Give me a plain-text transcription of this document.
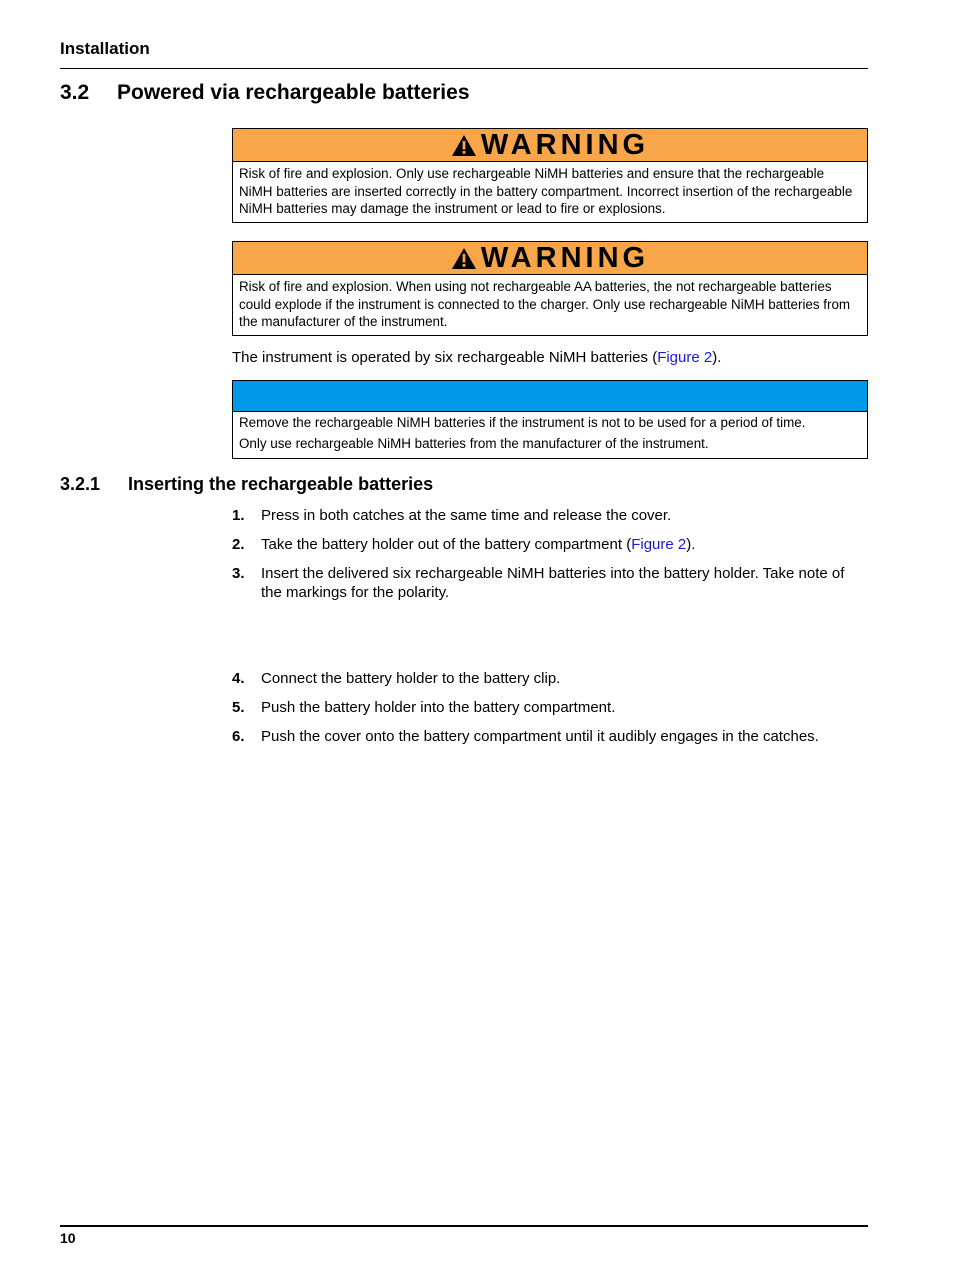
Installation
3.2 Powered via rechargeable batteries
WARNING
Risk of fire and explosion. Only use rechargeable NiMH batteries and ensure that the rechargeable NiMH batteries are inserted correctly in the battery compartment. Incorrect insertion of the rechargeable NiMH batteries may damage the instrument or lead to fire or explosions.
WARNING
Risk of fire and explosion. When using not rechargeable AA batteries, the not rechargeable batteries could explode if the instrument is connected to the charger. Only use rechargeable NiMH batteries from the manufacturer of the instrument.
The instrument is operated by six rechargeable NiMH batteries (Figure 2).
Remove the rechargeable NiMH batteries if the instrument is not to be used for a period of time.
Only use rechargeable NiMH batteries from the manufacturer of the instrument.
3.2.1 Inserting the rechargeable batteries
1.	Press in both catches at the same time and release the cover.
2.	Take the battery holder out of the battery compartment (Figure 2).
3.	Insert the delivered six rechargeable NiMH batteries into the battery holder. Take note of the markings for the polarity.
4.	Connect the battery holder to the battery clip.
5.	Push the battery holder into the battery compartment.
6.	Push the cover onto the battery compartment until it audibly engages in the catches.
10
